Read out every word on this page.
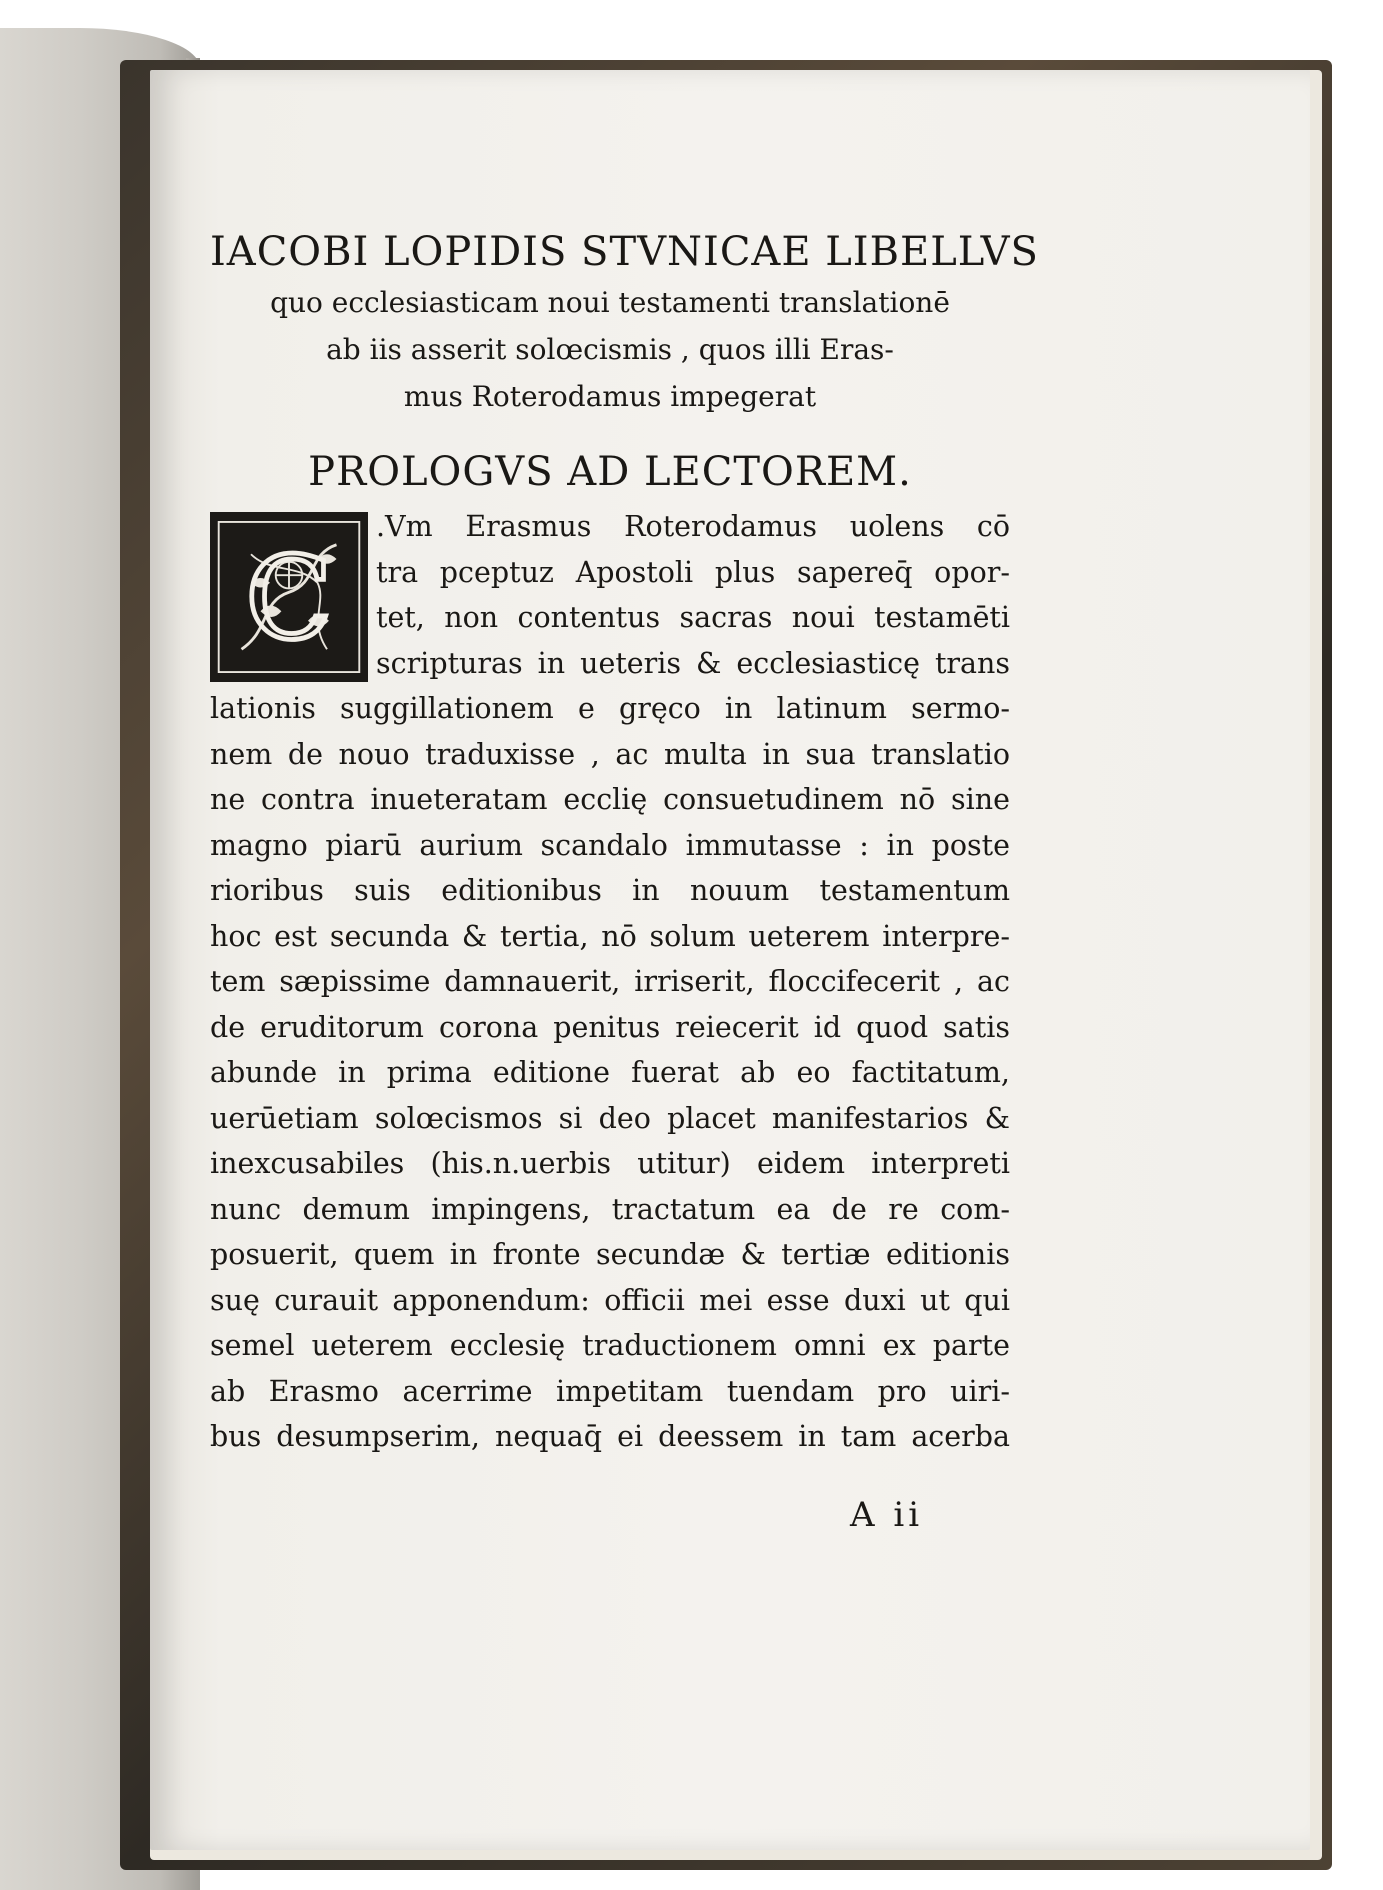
IACOBI LOPIDIS STVNICAE LIBELLVS

quo ecclesiasticam noui testamenti translationē

ab iis asserit solœcismis , quos illi Eras-

mus Roterodamus impegerat

PROLOGVS AD LECTOREM.

C

.Vm Erasmus Roterodamus uolens cō

tra pceptuz Apostoli plus sapereq̄ opor-

tet, non contentus sacras noui testamēti

scripturas in ueteris & ecclesiasticę trans

lationis suggillationem e gręco in latinum sermo-

nem de nouo traduxisse , ac multa in sua translatio

ne contra inueteratam ecclię consuetudinem nō sine

magno piarū aurium scandalo immutasse : in poste

rioribus suis editionibus in nouum testamentum

hoc est secunda & tertia, nō solum ueterem interpre-

tem sæpissime damnauerit, irriserit, floccifecerit , ac

de eruditorum corona penitus reiecerit id quod satis

abunde in prima editione fuerat ab eo factitatum,

uerūetiam solœcismos si deo placet manifestarios &

inexcusabiles (his.n.uerbis utitur) eidem interpreti

nunc demum impingens, tractatum ea de re com-

posuerit, quem in fronte secundæ & tertiæ editionis

suę curauit apponendum: officii mei esse duxi ut qui

semel ueterem ecclesię traductionem omni ex parte

ab Erasmo acerrime impetitam tuendam pro uiri-

bus desumpserim, nequaq̄ ei deessem in tam acerba

A ii
